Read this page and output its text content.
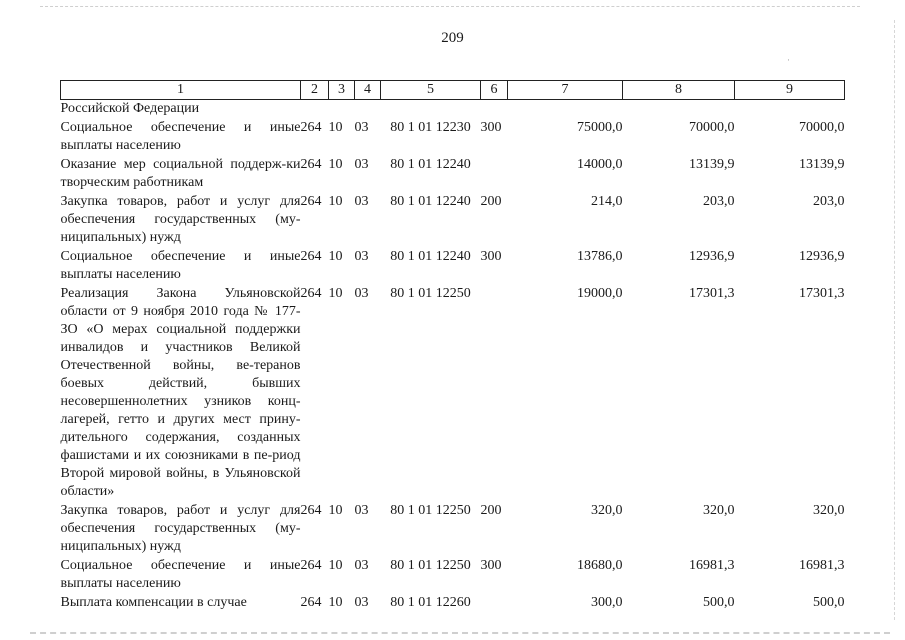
·
209
1	2	3	4	5	6	7	8	9
Российской Федерации								
Социальное обеспечение и иные выплаты населению	264	10	03	80 1 01 12230	300	75000,0	70000,0	70000,0
Оказание мер социальной поддерж-ки творческим работникам	264	10	03	80 1 01 12240		14000,0	13139,9	13139,9
Закупка товаров, работ и услуг для обеспечения государственных (му-ниципальных) нужд	264	10	03	80 1 01 12240	200	214,0	203,0	203,0
Социальное обеспечение и иные выплаты населению	264	10	03	80 1 01 12240	300	13786,0	12936,9	12936,9
Реализация Закона Ульяновской области от 9 ноября 2010 года № 177-ЗО «О мерах социальной поддержки инвалидов и участников Великой Отечественной войны, ве-теранов боевых действий, бывших несовершеннолетних узников конц-лагерей, гетто и других мест прину-дительного содержания, созданных фашистами и их союзниками в пе-риод Второй мировой войны, в Ульяновской области»	264	10	03	80 1 01 12250		19000,0	17301,3	17301,3
Закупка товаров, работ и услуг для обеспечения государственных (му-ниципальных) нужд	264	10	03	80 1 01 12250	200	320,0	320,0	320,0
Социальное обеспечение и иные выплаты населению	264	10	03	80 1 01 12250	300	18680,0	16981,3	16981,3
Выплата компенсации в случае	264	10	03	80 1 01 12260		300,0	500,0	500,0
